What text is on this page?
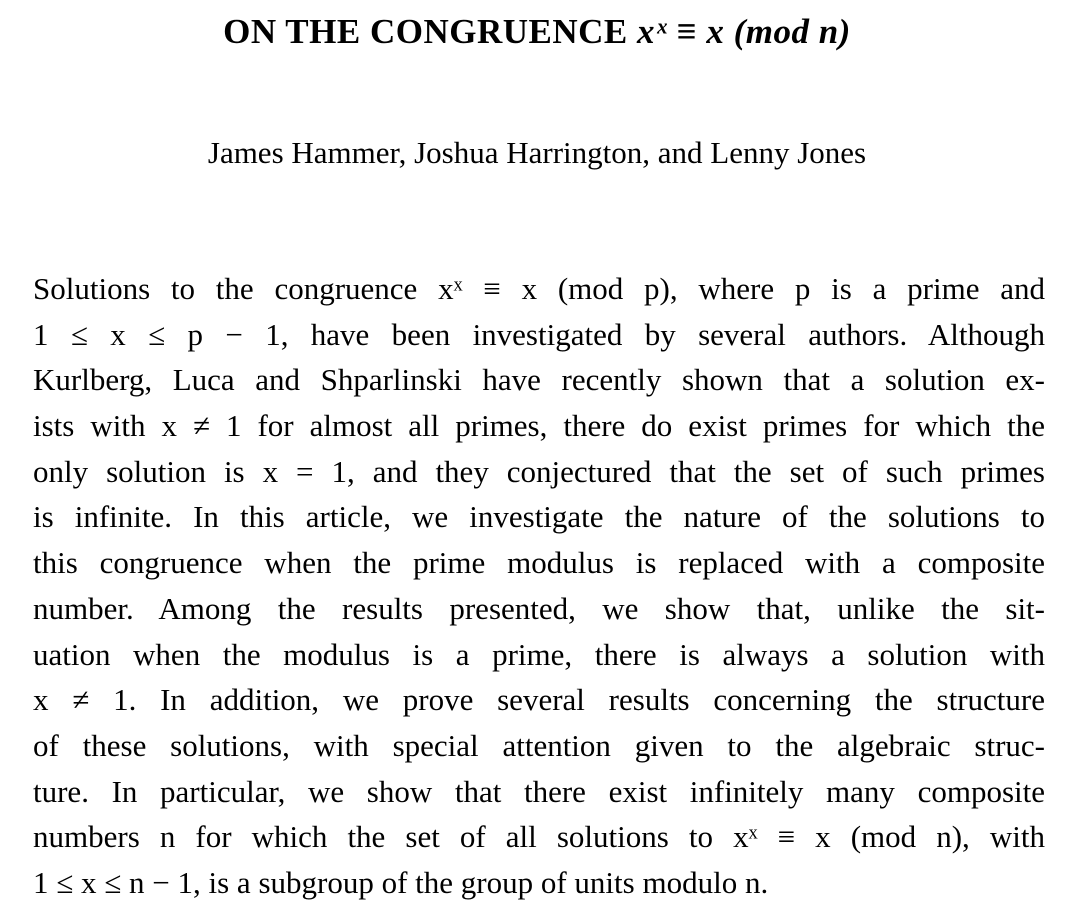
ON THE CONGRUENCE xˣ ≡ x (mod n)
James Hammer, Joshua Harrington, and Lenny Jones
Solutions to the congruence xˣ ≡ x (mod p), where p is a prime and
1 ≤ x ≤ p − 1, have been investigated by several authors. Although
Kurlberg, Luca and Shparlinski have recently shown that a solution ex-
ists with x ≠ 1 for almost all primes, there do exist primes for which the
only solution is x = 1, and they conjectured that the set of such primes
is infinite. In this article, we investigate the nature of the solutions to
this congruence when the prime modulus is replaced with a composite
number. Among the results presented, we show that, unlike the sit-
uation when the modulus is a prime, there is always a solution with
x ≠ 1. In addition, we prove several results concerning the structure
of these solutions, with special attention given to the algebraic struc-
ture. In particular, we show that there exist infinitely many composite
numbers n for which the set of all solutions to xˣ ≡ x (mod n), with
1 ≤ x ≤ n − 1, is a subgroup of the group of units modulo n.
